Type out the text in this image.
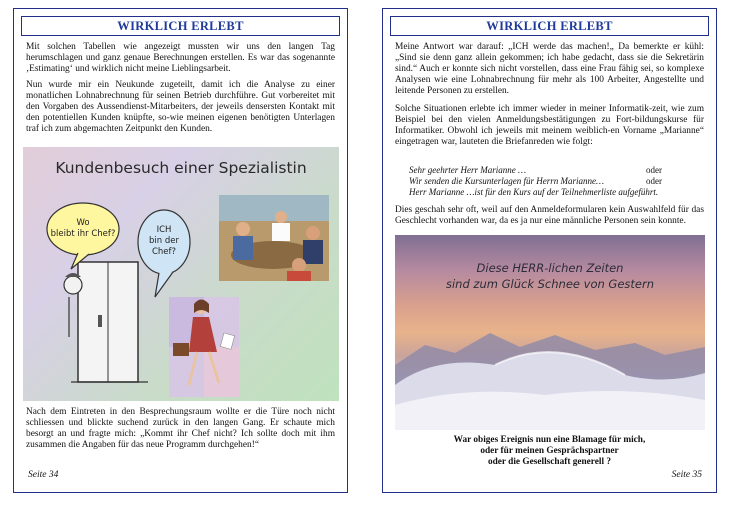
WIRKLICH ERLEBT

Mit solchen Tabellen wie angezeigt mussten wir uns den langen Tag herumschlagen und ganz genaue Berechnungen erstellen. Es war das sogenannte ‚Estimating‘ und wirklich nicht meine Lieblingsarbeit.

Nun wurde mir ein Neukunde zugeteilt, damit ich die Analyse zu einer monatlichen Lohnabrechnung für seinen Betrieb durchführe. Gut vorbereitet mit den Vorgaben des Aussendienst-Mitarbeiters, der jeweils densersten Kontakt mit den potentiellen Kunden knüpfte, so-wie meinen eigenen benötigten Unterlagen traf ich zum abgemachten Zeitpunkt den Kunden.

Kundenbesuch einer Spezialistin
Wo
bleibt ihr Chef?	ICH
bin der
Chef?

Nach dem Eintreten in den Besprechungsraum wollte er die Türe noch nicht schliessen und blickte suchend zurück in den langen Gang. Er schaute mich besorgt an und fragte mich: „Kommt ihr Chef nicht? Ich sollte doch mit ihm zusammen die Angaben für das neue Programm durchgehen!“

Seite 34
WIRKLICH ERLEBT

Meine Antwort war darauf: „ICH werde das machen!„ Da bemerkte er kühl: „Sind sie denn ganz allein gekommen; ich habe gedacht, dass sie die Sekretärin sind.“ Auch er konnte sich nicht vorstellen, dass eine Frau fähig sei, so komplexe Analysen wie eine Lohnabrechnung für mehr als 100 Arbeiter, Angestellte und leitende Personen zu erstellen.

Solche Situationen erlebte ich immer wieder in meiner Informatik-zeit, wie zum Beispiel bei den vielen Anmeldungsbestätigungen zu Fort-bildungskurse für Informatiker. Obwohl ich jeweils mit meinem weiblich-en Vorname „Marianne“ eingetragen war, lauteten die Briefanreden wie folgt:

Sehr geehrter Herr Marianne …	oder
Wir senden die Kursunterlagen für Herrn Marianne…	oder
Herr Marianne …ist für den Kurs auf der Teilnehmerliste aufgeführt.

Dies geschah sehr oft, weil auf den Anmeldeformularen kein Auswahlfeld für das Geschlecht vorhanden war, da es ja nur eine männliche Personen sein konnte.

Diese HERR-lichen Zeiten
sind zum Glück Schnee von Gestern
War obiges Ereignis nun eine Blamage für mich,
oder für meinen Gesprächspartner
oder die Gesellschaft generell ?
Seite 35
